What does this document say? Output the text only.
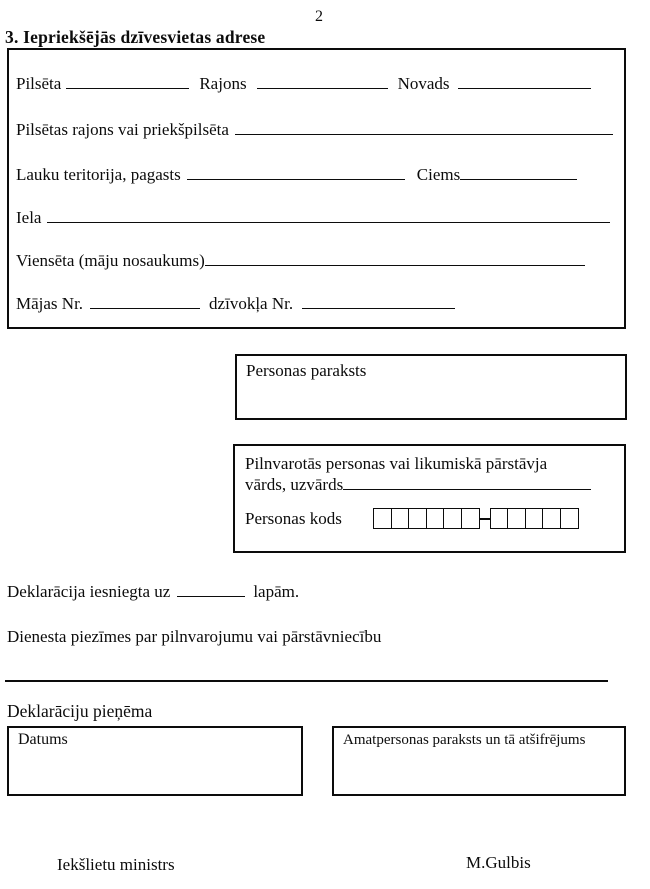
2
3. Iepriekšējās dzīvesvietas adrese
Pilsēta	Rajons	Novads
Pilsētas rajons vai priekšpilsēta
Lauku teritorija, pagasts	Ciems
Iela
Viensēta (māju nosaukums)
Mājas Nr.	dzīvokļa Nr.
Personas paraksts
Pilnvarotās personas vai likumiskā pārstāvja
vārds, uzvārds
Personas kods
Deklarācija iesniegta uz	lapām.
Dienesta piezīmes par pilnvarojumu vai pārstāvniecību
Deklarāciju pieņēma
Datums	Amatpersonas paraksts un tā atšifrējums
Iekšlietu ministrs	M.Gulbis
